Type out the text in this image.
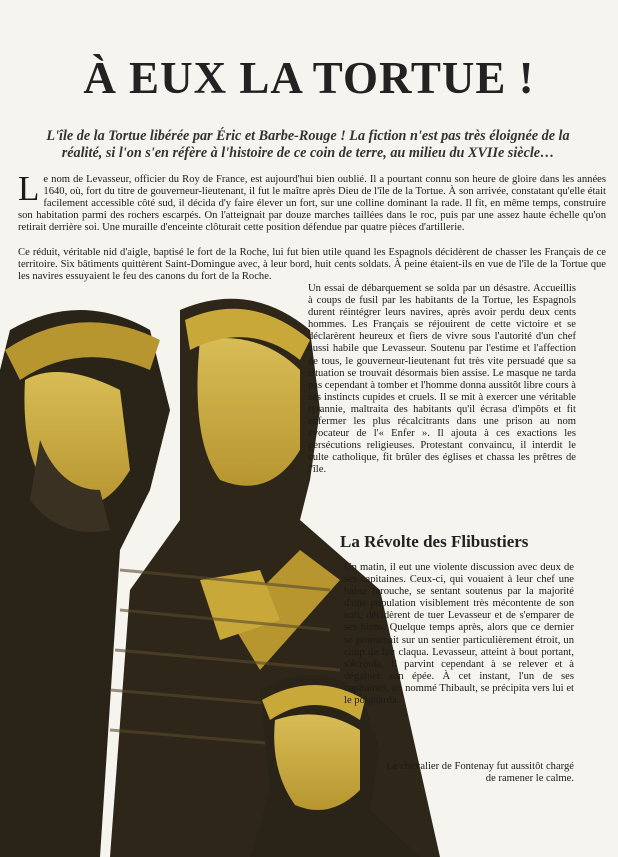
À EUX LA TORTUE !

L'île de la Tortue libérée par Éric et Barbe-Rouge ! La fiction n'est pas très éloignée de la réalité, si l'on s'en réfère à l'histoire de ce coin de terre, au milieu du XVIIe siècle…

Le nom de Levasseur, officier du Roy de France, est aujourd'hui bien oublié. Il a pourtant connu son heure de gloire dans les années 1640, où, fort du titre de gouverneur-lieutenant, il fut le maître après Dieu de l'île de la Tortue. À son arrivée, constatant qu'elle était facilement accessible côté sud, il décida d'y faire élever un fort, sur une colline dominant la rade. Il fit, en même temps, construire son habitation parmi des rochers escarpés. On l'atteignait par douze marches taillées dans le roc, puis par une assez haute échelle qu'on retirait derrière soi. Une muraille d'enceinte clôturait cette position défendue par quatre pièces d'artillerie.

Ce réduit, véritable nid d'aigle, baptisé le fort de la Roche, lui fut bien utile quand les Espagnols décidèrent de chasser les Français de ce territoire. Six bâtiments quittèrent Saint-Domingue avec, à leur bord, huit cents soldats. À peine étaient-ils en vue de l'île de la Tortue que les navires essuyaient le feu des canons du fort de la Roche.

Un essai de débarquement se solda par un désastre. Accueillis à coups de fusil par les habitants de la Tortue, les Espagnols durent réintégrer leurs navires, après avoir perdu deux cents hommes. Les Français se réjouirent de cette victoire et se déclarèrent heureux et fiers de vivre sous l'autorité d'un chef aussi habile que Levasseur. Soutenu par l'estime et l'affection de tous, le gouverneur-lieutenant fut très vite persuadé que sa situation se trouvait désormais bien assise. Le masque ne tarda pas cependant à tomber et l'homme donna aussitôt libre cours à ses instincts cupides et cruels. Il se mit à exercer une véritable tyrannie, maltraita des habitants qu'il écrasa d'impôts et fit enfermer les plus récalcitrants dans une prison au nom évocateur de l'« Enfer ». Il ajouta à ces exactions les persécutions religieuses. Protestant convaincu, il interdit le culte catholique, fit brûler des églises et chassa les prêtres de l'île.

La Révolte des Flibustiers

Un matin, il eut une violente discussion avec deux de ses capitaines. Ceux-ci, qui vouaient à leur chef une haine farouche, se sentant soutenus par la majorité d'une population visiblement très mécontente de son sort, décidèrent de tuer Levasseur et de s'emparer de ses biens. Quelque temps après, alors que ce dernier se promenait sur un sentier particulièrement étroit, un coup de feu claqua. Levasseur, atteint à bout portant, s'écroula. Il parvint cependant à se relever et à dégainer son épée. À cet instant, l'un de ses capitaines, un nommé Thibault, se précipita vers lui et le poignarda.

Le chevalier de Fontenay fut aussitôt chargé de ramener le calme.
